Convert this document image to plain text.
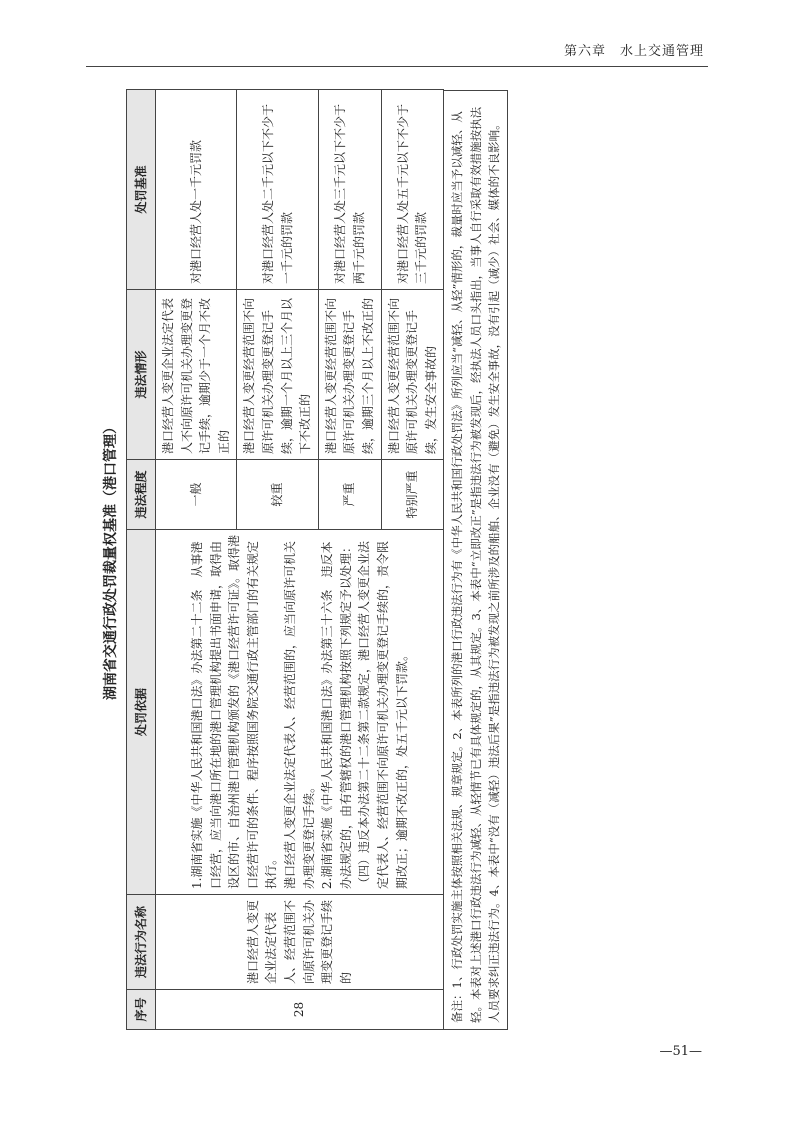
第六章　水上交通管理
湖南省交通行政处罚裁量权基准（港口管理）
序号	违法行为名称	处罚依据	违法程度	违法情形	处罚基准
28	港口经营人变更企业法定代表人、经营范围不向原许可机关办理变更登记手续的	1.湖南省实施《中华人民共和国港口法》办法第二十二条　从事港口经营，应当向港口所在地的港口管理机构提出书面申请，取得由设区的市、自治州港口管理机构颁发的《港口经营许可证》。取得港口经营许可的条件、程序按照国务院交通行政主管部门的有关规定执行。 港口经营人变更企业法定代表人、经营范围的，应当向原许可机关办理变更登记手续。 2.湖南省实施《中华人民共和国港口法》办法第三十六条　违反本办法规定的，由有管辖权的港口管理机构按照下列规定予以处理： （四）违反本办法第二十二条第二款规定，港口经营人变更企业法定代表人、经营范围不向原许可机关办理变更登记手续的，责令限期改正；逾期不改正的，处五千元以下罚款。	一般	港口经营人变更企业法定代表人不向原许可机关办理变更登记手续，逾期少于一个月不改正的	对港口经营人处一千元罚款
			较重	港口经营人变更经营范围不向原许可机关办理变更登记手续，逾期一个月以上三个月以下不改正的	对港口经营人处二千元以下不少于一千元的罚款
			严重	港口经营人变更经营范围不向原许可机关办理变更登记手续，逾期三个月以上不改正的	对港口经营人处三千元以下不少于两千元的罚款
			特别严重	港口经营人变更经营范围不向原许可机关办理变更登记手续，发生安全事故的	对港口经营人处五千元以下不少于三千元的罚款	备注：1、行政处罚实施主体按照相关法规、规章规定。2、本表所列的港口行政违法行为有《中华人民共和国行政处罚法》所列应当“减轻、从轻”情形的，裁量时应当予以减轻、从轻。本表对上述港口行政违法行为减轻、从轻情节已有具体规定的，从其规定。3、本表中“立即改正”是指违法行为被发现后，经执法人员口头指出，当事人自行采取有效措施按执法人员要求纠正违法行为。4、本表中“没有（减轻）违法后果”是指违法行为被发现之前所涉及的船舶、企业没有（避免）发生安全事故，没有引起（减少）社会、媒体的不良影响。
—51—
